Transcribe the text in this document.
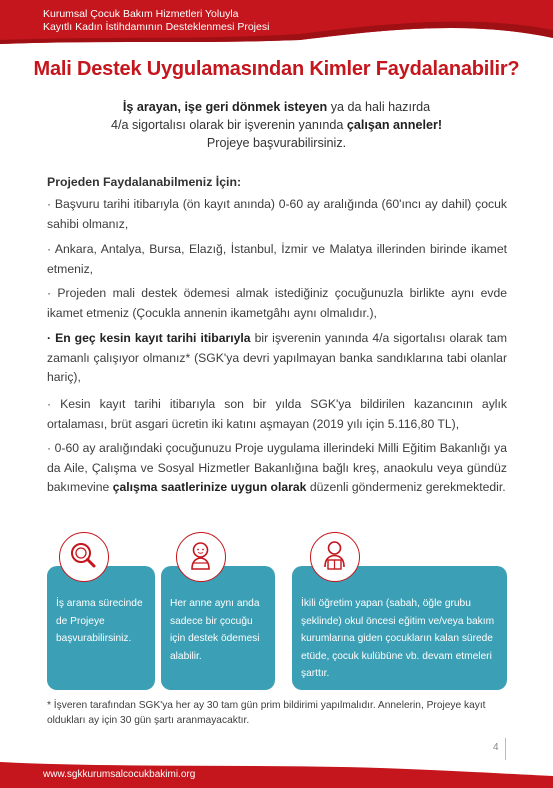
Kurumsal Çocuk Bakım Hizmetleri Yoluyla
Kayıtlı Kadın İstihdamının Desteklenmesi Projesi
Mali Destek Uygulamasından Kimler Faydalanabilir?
İş arayan, işe geri dönmek isteyen ya da hali hazırda
4/a sigortalısı olarak bir işverenin yanında çalışan anneler!
Projeye başvurabilirsiniz.
Projeden Faydalanabilmeniz İçin:
· Başvuru tarihi itibarıyla (ön kayıt anında) 0-60 ay aralığında (60'ıncı ay dahil) çocuk sahibi olmanız,
· Ankara, Antalya, Bursa, Elazığ, İstanbul, İzmir ve Malatya illerinden birinde ikamet etmeniz,
· Projeden mali destek ödemesi almak istediğiniz çocuğunuzla birlikte aynı evde ikamet etmeniz (Çocukla annenin ikametgâhı aynı olmalıdır.),
· En geç kesin kayıt tarihi itibarıyla bir işverenin yanında 4/a sigortalısı olarak tam zamanlı çalışıyor olmanız* (SGK'ya devri yapılmayan banka sandıklarına tabi olanlar hariç),
· Kesin kayıt tarihi itibarıyla son bir yılda SGK'ya bildirilen kazancının aylık ortalaması, brüt asgari ücretin iki katını aşmayan (2019 yılı için 5.116,80 TL),
· 0-60 ay aralığındaki çocuğunuzu Proje uygulama illerindeki Milli Eğitim Bakanlığı ya da Aile, Çalışma ve Sosyal Hizmetler Bakanlığına bağlı kreş, anaokulu veya gündüz bakımevine çalışma saatlerinize uygun olarak düzenli göndermeniz gerekmektedir.
İş arama sürecinde de Projeye başvurabilirsiniz.
Her anne aynı anda sadece bir çocuğu için destek ödemesi alabilir.
İkili öğretim yapan (sabah, öğle grubu şeklinde) okul öncesi eğitim ve/veya bakım kurumlarına giden çocukların kalan sürede etüde, çocuk kulübüne vb. devam etmeleri şarttır.
* İşveren tarafından SGK'ya her ay 30 tam gün prim bildirimi yapılmalıdır. Annelerin, Projeye kayıt oldukları ay için 30 gün şartı aranmayacaktır.
4
www.sgkkurumsalcocukbakimi.org
